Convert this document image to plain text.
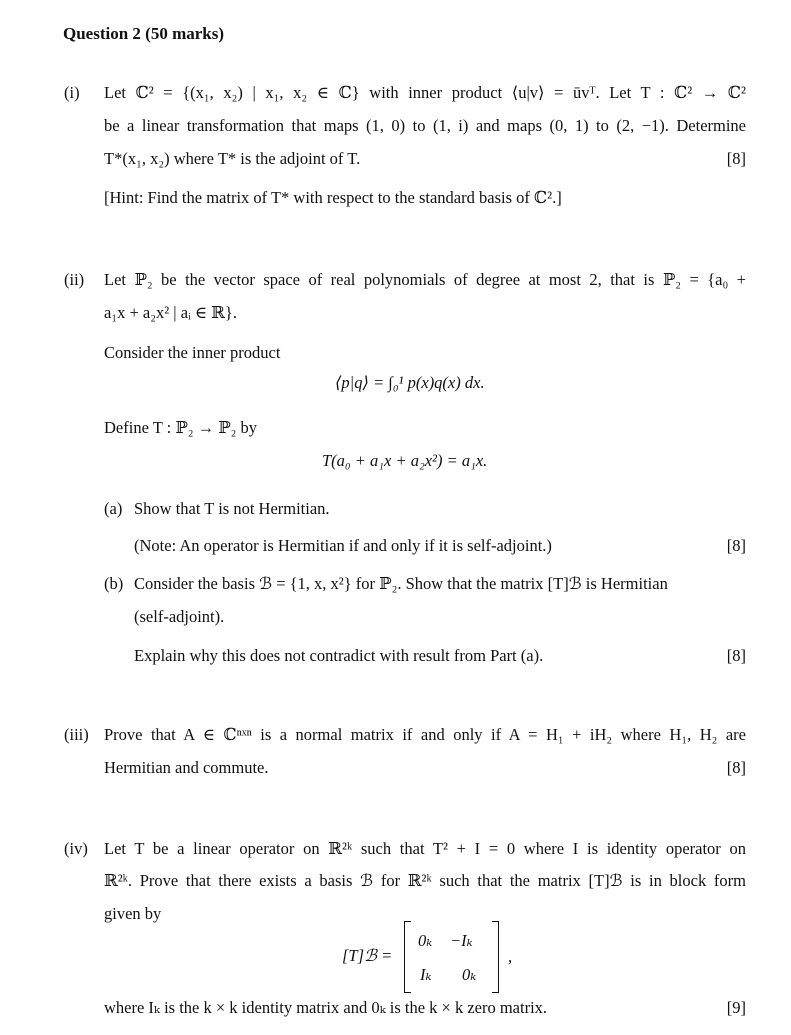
Question 2 (50 marks)
(i)	Let ℂ² = {(x₁, x₂) | x₁, x₂ ∈ ℂ} with inner product ⟨u|v⟩ = ūvᵀ. Let T : ℂ² → ℂ²
be a linear transformation that maps (1, 0) to (1, i) and maps (0, 1) to (2, −1). Determine
T*(x₁, x₂) where T* is the adjoint of T.	[8]
[Hint: Find the matrix of T* with respect to the standard basis of ℂ².]
(ii)	Let ℙ₂ be the vector space of real polynomials of degree at most 2, that is ℙ₂ = {a₀ +
a₁x + a₂x² | aᵢ ∈ ℝ}.
Consider the inner product
⟨p|q⟩ = ∫₀¹ p(x)q(x) dx.
Define T : ℙ₂ → ℙ₂ by
T(a₀ + a₁x + a₂x²) = a₁x.
(a) Show that T is not Hermitian.
(Note: An operator is Hermitian if and only if it is self-adjoint.)	[8]
(b) Consider the basis ℬ = {1, x, x²} for ℙ₂. Show that the matrix [T]ℬ is Hermitian
(self-adjoint).
Explain why this does not contradict with result from Part (a).	[8]
(iii) Prove that A ∈ ℂⁿˣⁿ is a normal matrix if and only if A = H₁ + iH₂ where H₁, H₂ are
Hermitian and commute.	[8]
(iv) Let T be a linear operator on ℝ²ᵏ such that T² + I = 0 where I is identity operator on
ℝ²ᵏ. Prove that there exists a basis ℬ for ℝ²ᵏ such that the matrix [T]ℬ is in block form
given by
[T]ℬ =
0ₖ −Iₖ
Iₖ 0ₖ
,
where Iₖ is the k × k identity matrix and 0ₖ is the k × k zero matrix.	[9]
